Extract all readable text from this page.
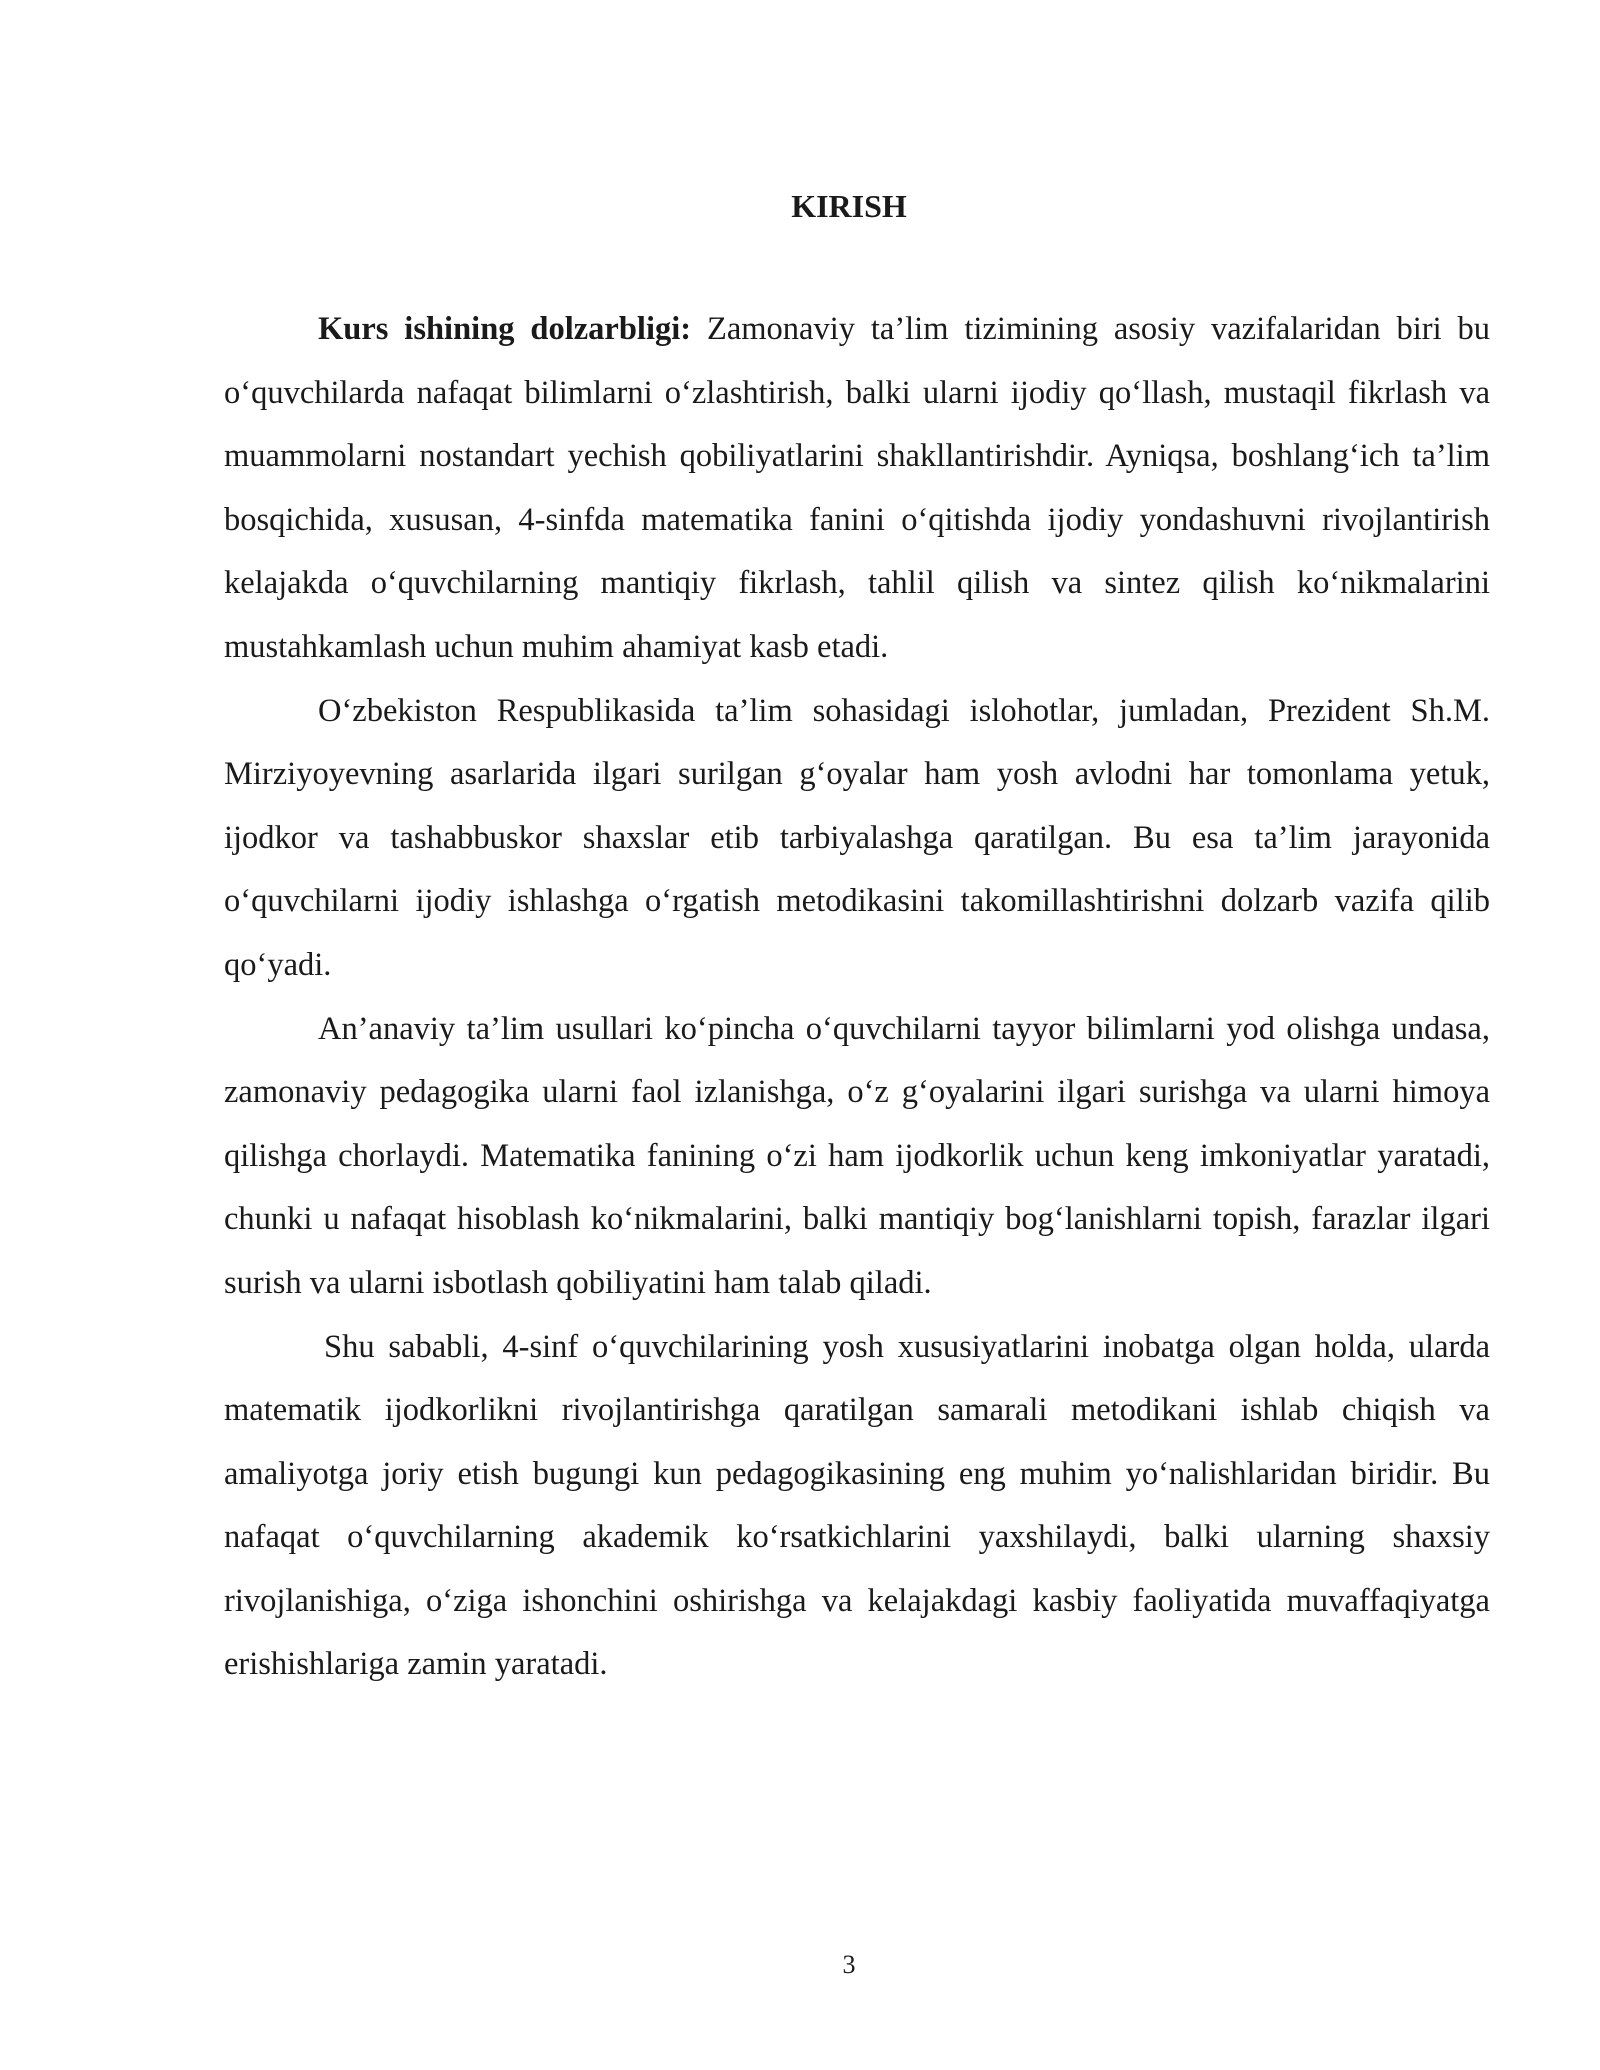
KIRISH

Kurs ishining dolzarbligi: Zamonaviy ta’lim tizimining asosiy vazifalaridan biri bu o‘quvchilarda nafaqat bilimlarni o‘zlashtirish, balki ularni ijodiy qo‘llash, mustaqil fikrlash va muammolarni nostandart yechish qobiliyatlarini shakllantirishdir. Ayniqsa, boshlang‘ich ta’lim bosqichida, xususan, 4-sinfda matematika fanini o‘qitishda ijodiy yondashuvni rivojlantirish kelajakda o‘quvchilarning mantiqiy fikrlash, tahlil qilish va sintez qilish ko‘nikmalarini mustahkamlash uchun muhim ahamiyat kasb etadi.

O‘zbekiston Respublikasida ta’lim sohasidagi islohotlar, jumladan, Prezident Sh.M. Mirziyoyevning asarlarida ilgari surilgan g‘oyalar ham yosh avlodni har tomonlama yetuk, ijodkor va tashabbuskor shaxslar etib tarbiyalashga qaratilgan. Bu esa ta’lim jarayonida o‘quvchilarni ijodiy ishlashga o‘rgatish metodikasini takomillashtirishni dolzarb vazifa qilib qo‘yadi.

An’anaviy ta’lim usullari ko‘pincha o‘quvchilarni tayyor bilimlarni yod olishga undasa, zamonaviy pedagogika ularni faol izlanishga, o‘z g‘oyalarini ilgari surishga va ularni himoya qilishga chorlaydi. Matematika fanining o‘zi ham ijodkorlik uchun keng imkoniyatlar yaratadi, chunki u nafaqat hisoblash ko‘nikmalarini, balki mantiqiy bog‘lanishlarni topish, farazlar ilgari surish va ularni isbotlash qobiliyatini ham talab qiladi.

Shu sababli, 4-sinf o‘quvchilarining yosh xususiyatlarini inobatga olgan holda, ularda matematik ijodkorlikni rivojlantirishga qaratilgan samarali metodikani ishlab chiqish va amaliyotga joriy etish bugungi kun pedagogikasining eng muhim yo‘nalishlaridan biridir. Bu nafaqat o‘quvchilarning akademik ko‘rsatkichlarini yaxshilaydi, balki ularning shaxsiy rivojlanishiga, o‘ziga ishonchini oshirishga va kelajakdagi kasbiy faoliyatida muvaffaqiyatga erishishlariga zamin yaratadi.

3
